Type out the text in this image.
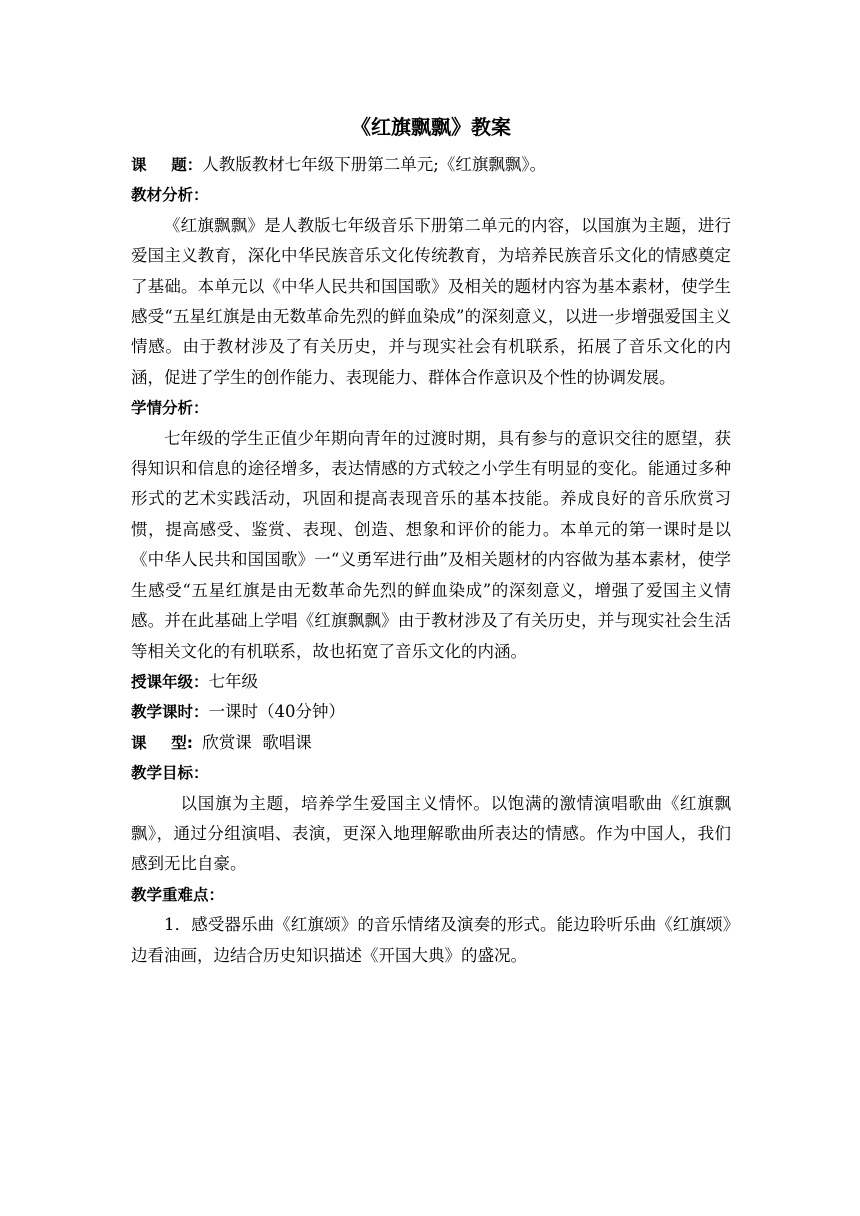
《红旗飘飘》教案

课 题：人教版教材七年级下册第二单元;《红旗飘飘》。

教材分析：

《红旗飘飘》是人教版七年级音乐下册第二单元的内容，以国旗为主题，进行爱国主义教育，深化中华民族音乐文化传统教育，为培养民族音乐文化的情感奠定了基础。本单元以《中华人民共和国国歌》及相关的题材内容为基本素材，使学生感受“五星红旗是由无数革命先烈的鲜血染成”的深刻意义，以进一步增强爱国主义情感。由于教材涉及了有关历史，并与现实社会有机联系，拓展了音乐文化的内涵，促进了学生的创作能力、表现能力、群体合作意识及个性的协调发展。

学情分析：

七年级的学生正值少年期向青年的过渡时期，具有参与的意识交往的愿望，获得知识和信息的途径增多，表达情感的方式较之小学生有明显的变化。能通过多种形式的艺术实践活动，巩固和提高表现音乐的基本技能。养成良好的音乐欣赏习惯，提高感受、鉴赏、表现、创造、想象和评价的能力。本单元的第一课时是以《中华人民共和国国歌》一“义勇军进行曲”及相关题材的内容做为基本素材，使学生感受“五星红旗是由无数革命先烈的鲜血染成”的深刻意义，增强了爱国主义情感。并在此基础上学唱《红旗飘飘》由于教材涉及了有关历史，并与现实社会生活等相关文化的有机联系，故也拓宽了音乐文化的内涵。

授课年级：七年级

教学课时：一课时（40分钟）

课 型: 欣赏课  歌唱课

教学目标：

以国旗为主题，培养学生爱国主义情怀。以饱满的激情演唱歌曲《红旗飘飘》，通过分组演唱、表演，更深入地理解歌曲所表达的情感。作为中国人，我们感到无比自豪。

教学重难点：

1．感受器乐曲《红旗颂》的音乐情绪及演奏的形式。能边聆听乐曲《红旗颂》边看油画，边结合历史知识描述《开国大典》的盛况。
